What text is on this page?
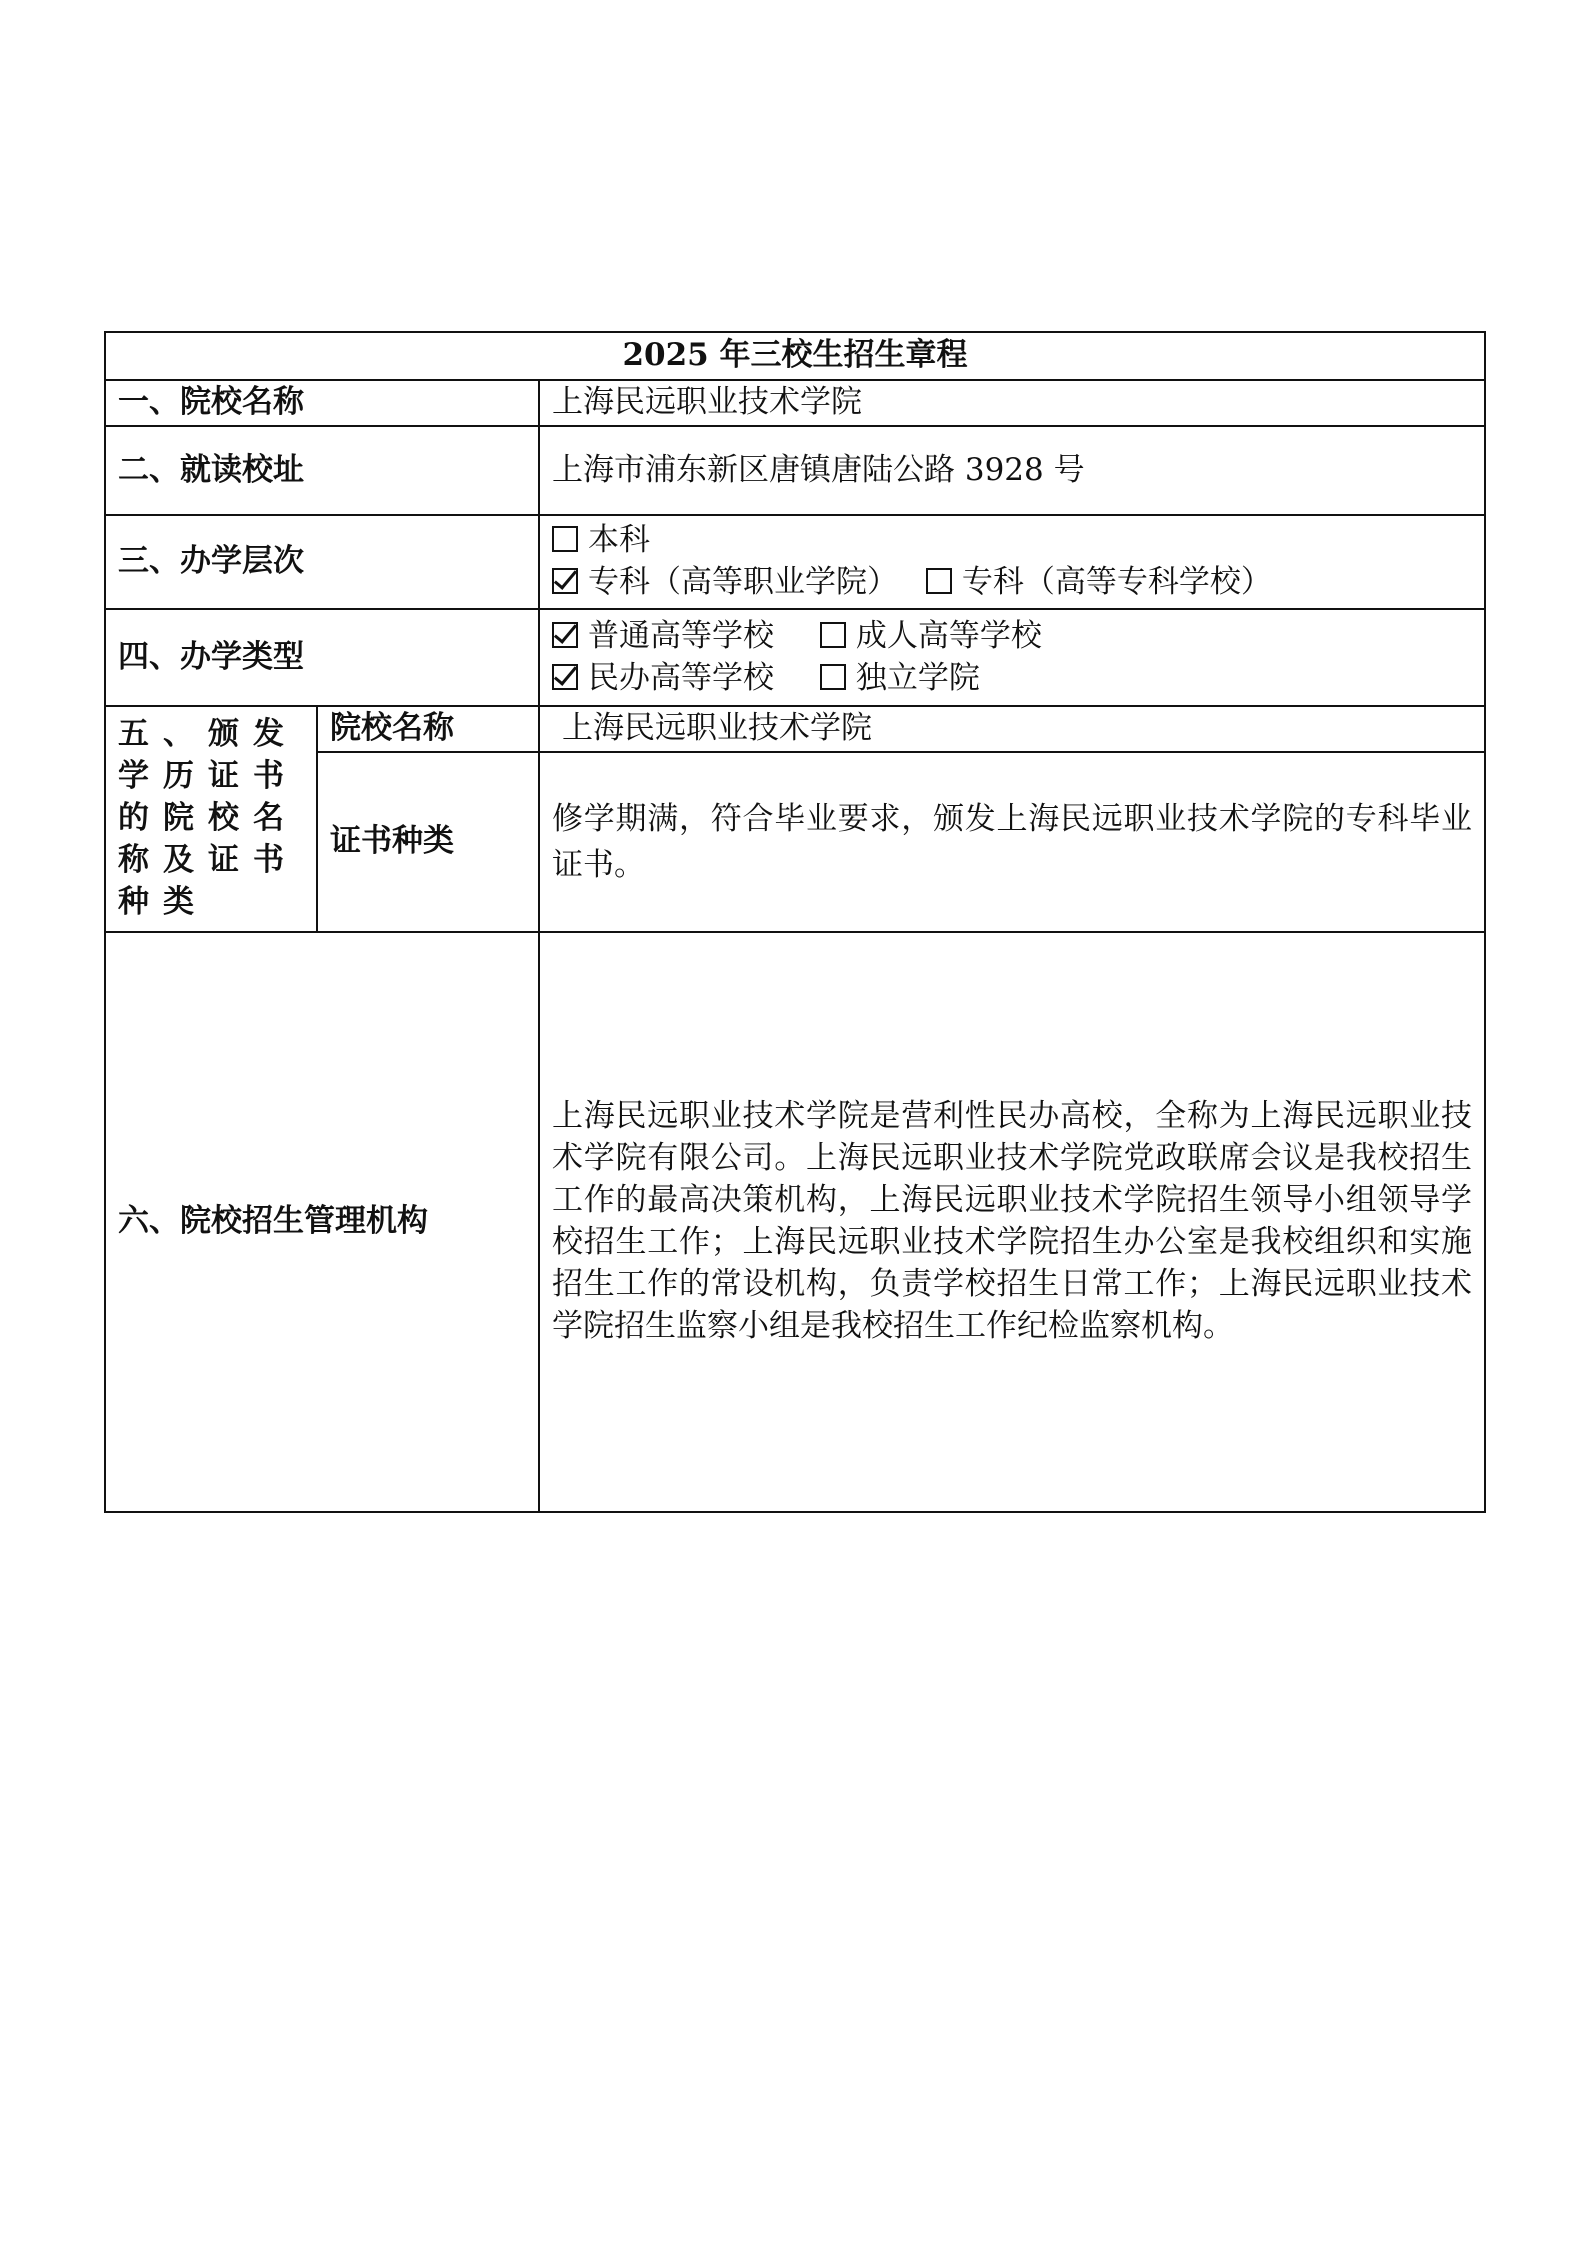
2025 年三校生招生章程		
一、院校名称		上海民远职业技术学院
二、就读校址		上海市浦东新区唐镇唐陆公路 3928 号
三、办学层次		本科
专科（高等职业学院） 专科（高等专科学校）

四、办学类型		普通高等学校 成人高等学校
民办高等学校 独立学院

五、颁发学历证书的院校名称及证书种类	院校名称	上海民远职业技术学院
	证书种类	修学期满，符合毕业要求，颁发上海民远职业技术学院的专科毕业证书。
六、院校招生管理机构		上海民远职业技术学院是营利性民办高校，全称为上海民远职业技术学院有限公司。上海民远职业技术学院党政联席会议是我校招生工作的最高决策机构，上海民远职业技术学院招生领导小组领导学校招生工作；上海民远职业技术学院招生办公室是我校组织和实施招生工作的常设机构，负责学校招生日常工作；上海民远职业技术学院招生监察小组是我校招生工作纪检监察机构。
